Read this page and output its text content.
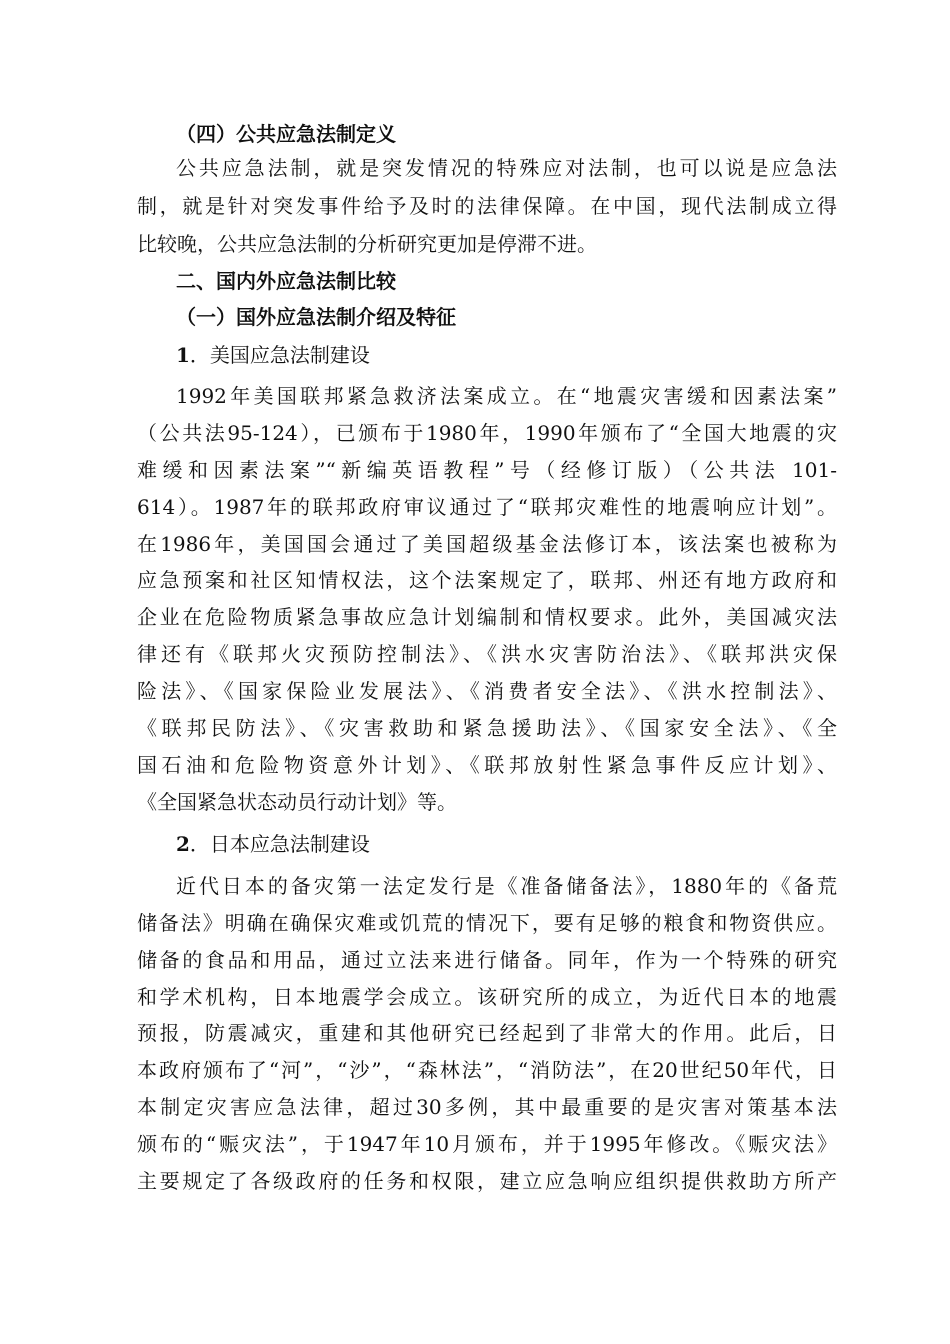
（四）公共应急法制定义
公共应急法制，就是突发情况的特殊应对法制，也可以说是应急法
制，就是针对突发事件给予及时的法律保障。在中国，现代法制成立得
比较晚，公共应急法制的分析研究更加是停滞不进。
二、国内外应急法制比较
（一）国外应急法制介绍及特征
1．美国应急法制建设
1992年美国联邦紧急救济法案成立。在“地震灾害缓和因素法案”
（公共法95-124），已颁布于1980年，1990年颁布了“全国大地震的灾
难缓和因素法案”“新编英语教程”号（经修订版）（公共法 101-
614）。1987年的联邦政府审议通过了“联邦灾难性的地震响应计划”。
在1986年，美国国会通过了美国超级基金法修订本，该法案也被称为
应急预案和社区知情权法，这个法案规定了，联邦、州还有地方政府和
企业在危险物质紧急事故应急计划编制和情权要求。此外，美国减灾法
律还有《联邦火灾预防控制法》、《洪水灾害防治法》、《联邦洪灾保
险法》、《国家保险业发展法》、《消费者安全法》、《洪水控制法》、
《联邦民防法》、《灾害救助和紧急援助法》、《国家安全法》、《全
国石油和危险物资意外计划》、《联邦放射性紧急事件反应计划》、
《全国紧急状态动员行动计划》等。
2．日本应急法制建设
近代日本的备灾第一法定发行是《准备储备法》，1880年的《备荒
储备法》明确在确保灾难或饥荒的情况下，要有足够的粮食和物资供应。
储备的食品和用品，通过立法来进行储备。同年，作为一个特殊的研究
和学术机构，日本地震学会成立。该研究所的成立，为近代日本的地震
预报，防震减灾，重建和其他研究已经起到了非常大的作用。此后，日
本政府颁布了“河”，“沙”，“森林法”，“消防法”，在20世纪50年代，日
本制定灾害应急法律，超过30多例，其中最重要的是灾害对策基本法
颁布的“赈灾法”，于1947年10月颁布，并于1995年修改。《赈灾法》
主要规定了各级政府的任务和权限，建立应急响应组织提供救助方所产
